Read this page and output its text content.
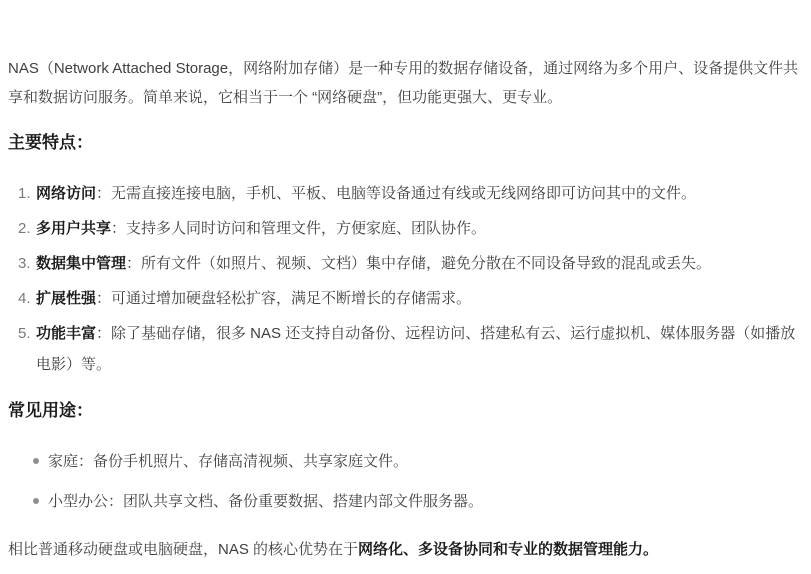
NAS（Network Attached Storage，网络附加存储）是一种专用的数据存储设备，通过网络为多个用户、设备提供文件共享和数据访问服务。简单来说，它相当于一个 “网络硬盘”，但功能更强大、更专业。

主要特点：
1. 网络访问：无需直接连接电脑，手机、平板、电脑等设备通过有线或无线网络即可访问其中的文件。
2. 多用户共享：支持多人同时访问和管理文件，方便家庭、团队协作。
3. 数据集中管理：所有文件（如照片、视频、文档）集中存储，避免分散在不同设备导致的混乱或丢失。
4. 扩展性强：可通过增加硬盘轻松扩容，满足不断增长的存储需求。
5. 功能丰富：除了基础存储，很多 NAS 还支持自动备份、远程访问、搭建私有云、运行虚拟机、媒体服务器（如播放电影）等。
常见用途：
家庭：备份手机照片、存储高清视频、共享家庭文件。
小型办公：团队共享文档、备份重要数据、搭建内部文件服务器。

相比普通移动硬盘或电脑硬盘，NAS 的核心优势在于网络化、多设备协同和专业的数据管理能力。
